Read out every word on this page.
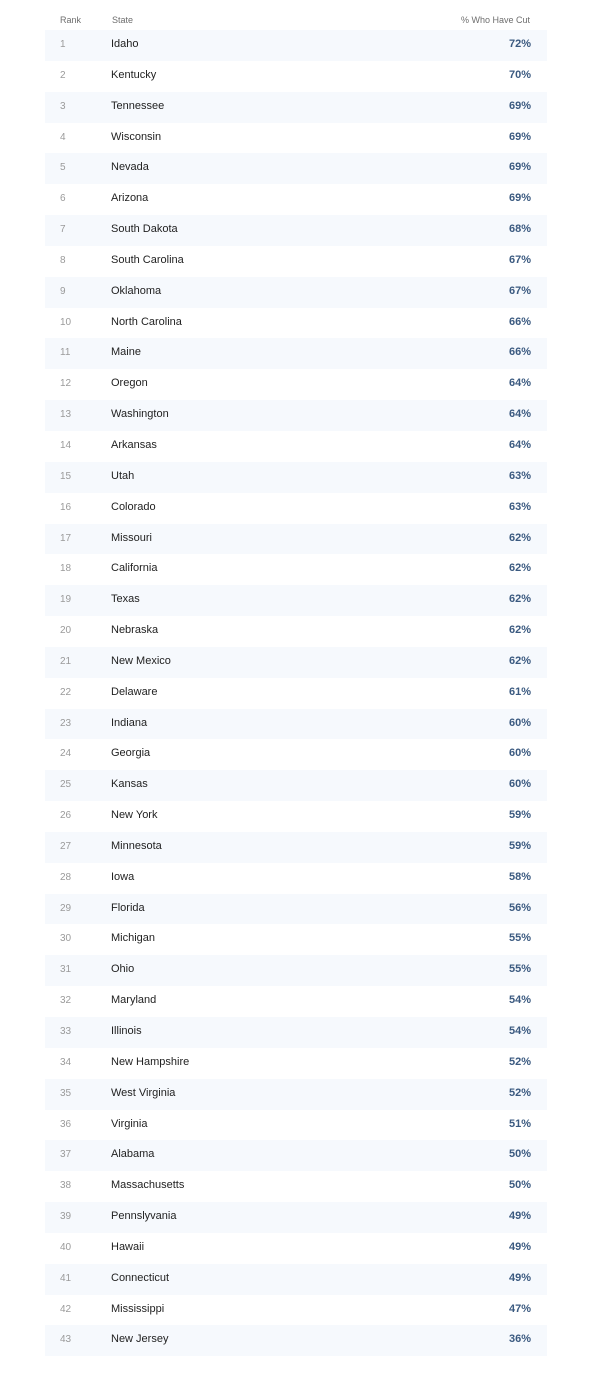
Rank	State	% Who Have Cut
1	Idaho	72%
2	Kentucky	70%
3	Tennessee	69%
4	Wisconsin	69%
5	Nevada	69%
6	Arizona	69%
7	South Dakota	68%
8	South Carolina	67%
9	Oklahoma	67%
10	North Carolina	66%
11	Maine	66%
12	Oregon	64%
13	Washington	64%
14	Arkansas	64%
15	Utah	63%
16	Colorado	63%
17	Missouri	62%
18	California	62%
19	Texas	62%
20	Nebraska	62%
21	New Mexico	62%
22	Delaware	61%
23	Indiana	60%
24	Georgia	60%
25	Kansas	60%
26	New York	59%
27	Minnesota	59%
28	Iowa	58%
29	Florida	56%
30	Michigan	55%
31	Ohio	55%
32	Maryland	54%
33	Illinois	54%
34	New Hampshire	52%
35	West Virginia	52%
36	Virginia	51%
37	Alabama	50%
38	Massachusetts	50%
39	Pennslyvania	49%
40	Hawaii	49%
41	Connecticut	49%
42	Mississippi	47%
43	New Jersey	36%
